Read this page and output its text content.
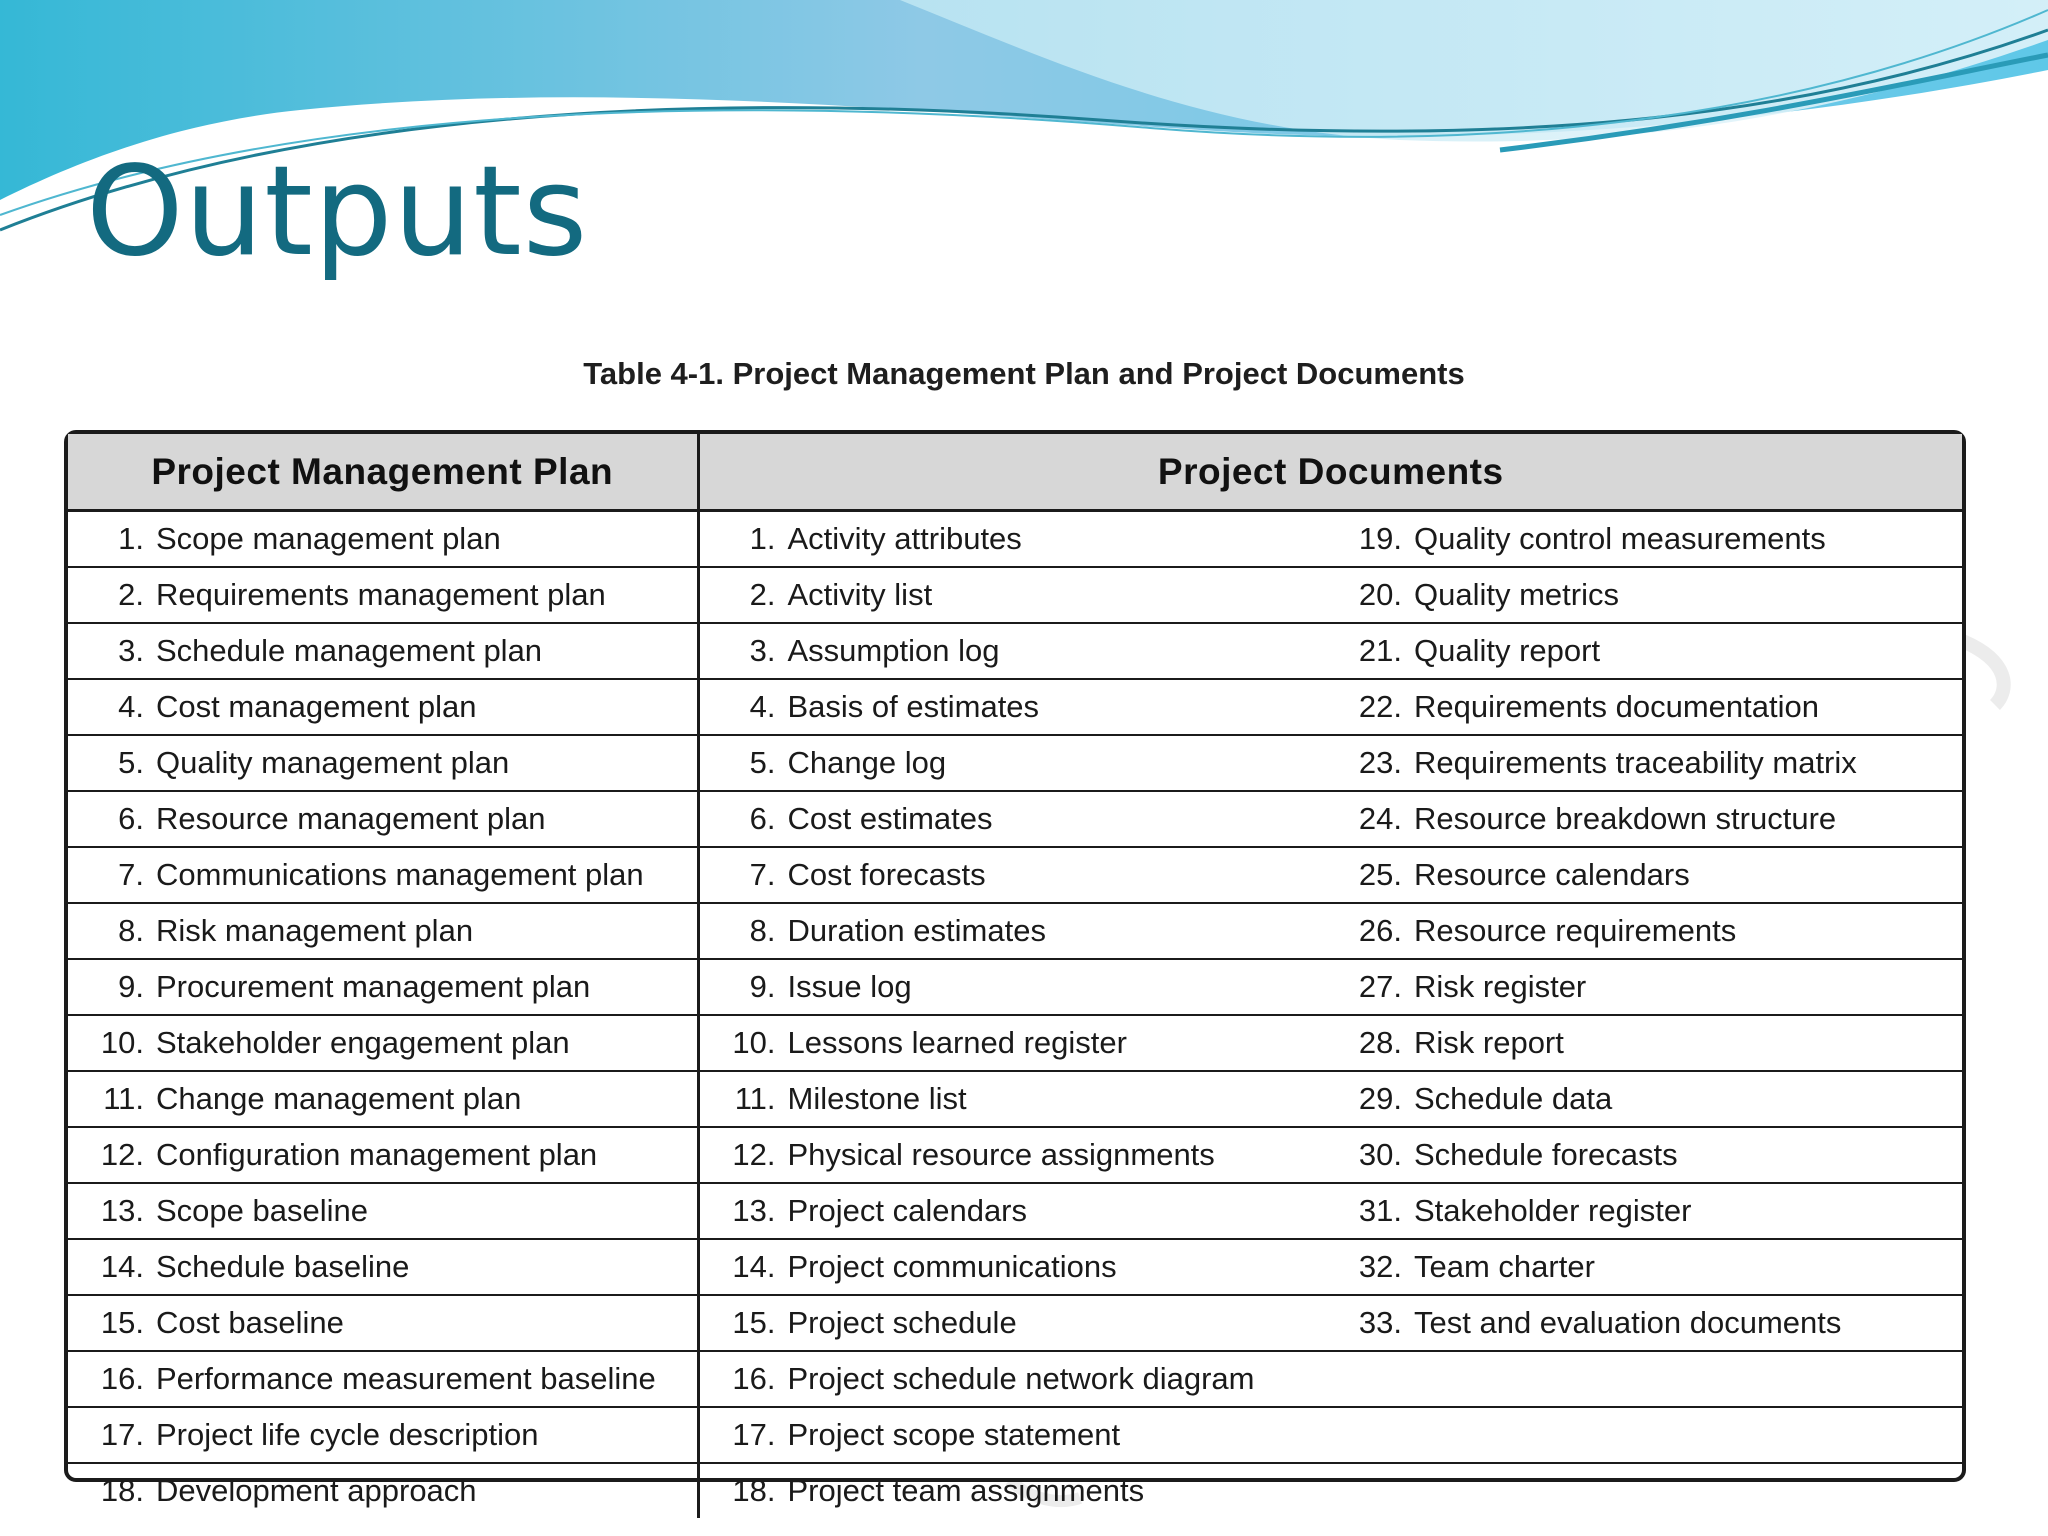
Outputs
Table 4-1. Project Management Plan and Project Documents
Project Management Plan	Project Documents	
1. Scope management plan	1. Activity attributes	19. Quality control measurements
2. Requirements management plan	2. Activity list	20. Quality metrics
3. Schedule management plan	3. Assumption log	21. Quality report
4. Cost management plan	4. Basis of estimates	22. Requirements documentation
5. Quality management plan	5. Change log	23. Requirements traceability matrix
6. Resource management plan	6. Cost estimates	24. Resource breakdown structure
7. Communications management plan	7. Cost forecasts	25. Resource calendars
8. Risk management plan	8. Duration estimates	26. Resource requirements
9. Procurement management plan	9. Issue log	27. Risk register
10. Stakeholder engagement plan	10. Lessons learned register	28. Risk report
11. Change management plan	11. Milestone list	29. Schedule data
12. Configuration management plan	12. Physical resource assignments	30. Schedule forecasts
13. Scope baseline	13. Project calendars	31. Stakeholder register
14. Schedule baseline	14. Project communications	32. Team charter
15. Cost baseline	15. Project schedule	33. Test and evaluation documents
16. Performance measurement baseline	16. Project schedule network diagram	
17. Project life cycle description	17. Project scope statement	
18. Development approach	18. Project team assignments	
